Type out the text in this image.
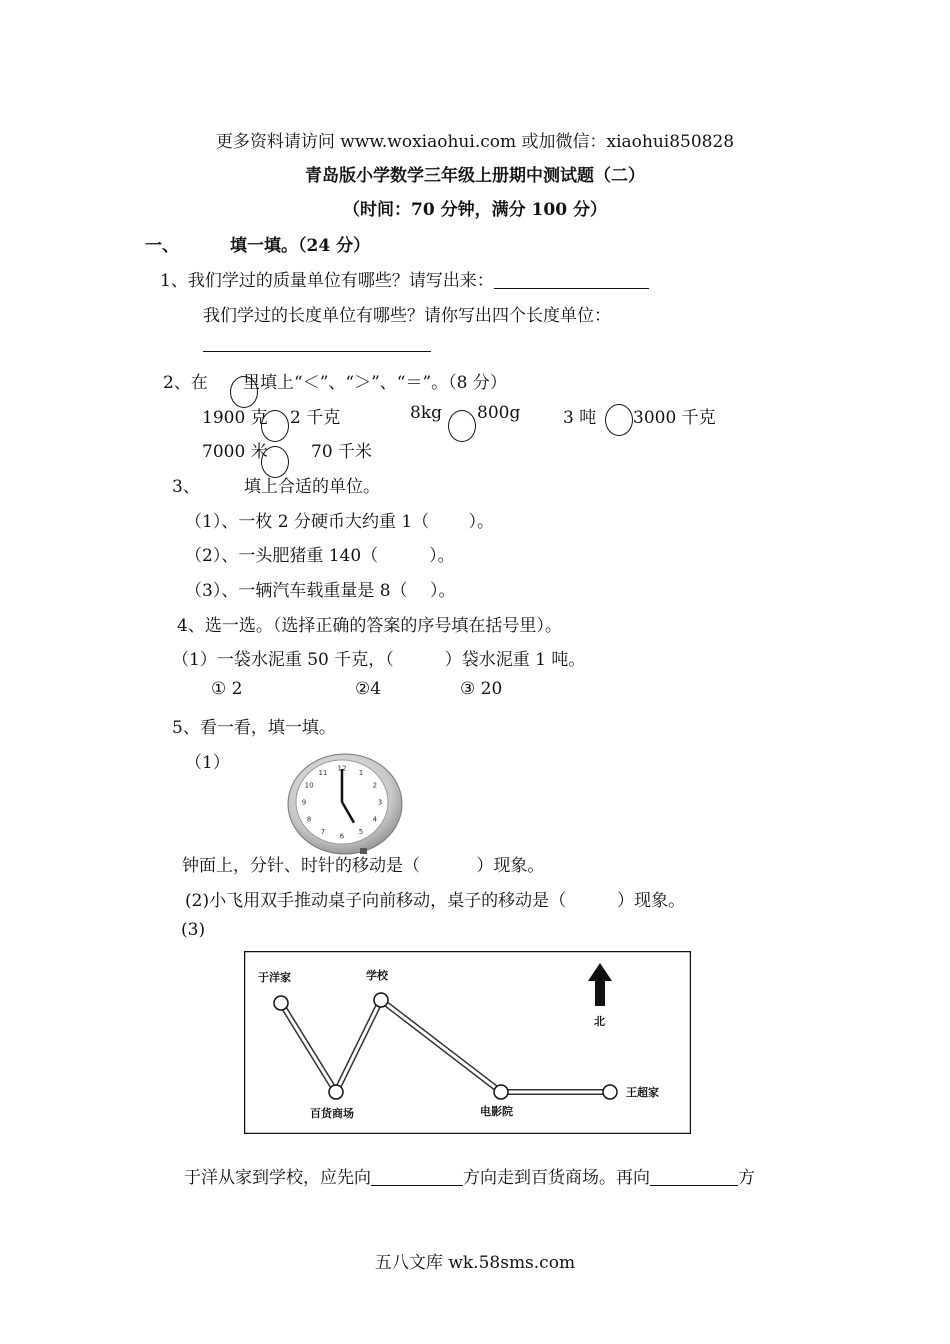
更多资料请访问 www.woxiaohui.com 或加微信：xiaohui850828
青岛版小学数学三年级上册期中测试题（二）
（时间：70 分钟，满分 100 分）
一、	填一填。（24 分）
1、我们学过的质量单位有哪些？请写出来：
我们学过的长度单位有哪些？请你写出四个长度单位：
2、在 里填上“＜”、“＞”、“＝”。（8 分）
1900 克 2 千克	8kg 800g	3 吨 3000 千克
7000 米	70 千米
3、	填上合适的单位。
（1）、一枚 2 分硬币大约重 1（　　 ）。
（2）、一头肥猪重 140（　　　）。
（3）、一辆汽车载重量是 8（　 ）。
4、选一选。（选择正确的答案的序号填在括号里）。
（1）一袋水泥重 50 千克，（　　　）袋水泥重 1 吨。
① 2	②4	③ 20
5、看一看，填一填。
（1）	12
1
2
3
4
5
6
7
8
9
10
11
钟面上，分针、时针的移动是（　　　 ）现象。
(2)小飞用双手推动桌子向前移动，桌子的移动是（　　　）现象。
(3)
于洋家	学校
百货商场	电影院
王超家
北
于洋从家到学校，应先向	方向走到百货商场。再向	方
五八文库 wk.58sms.com
